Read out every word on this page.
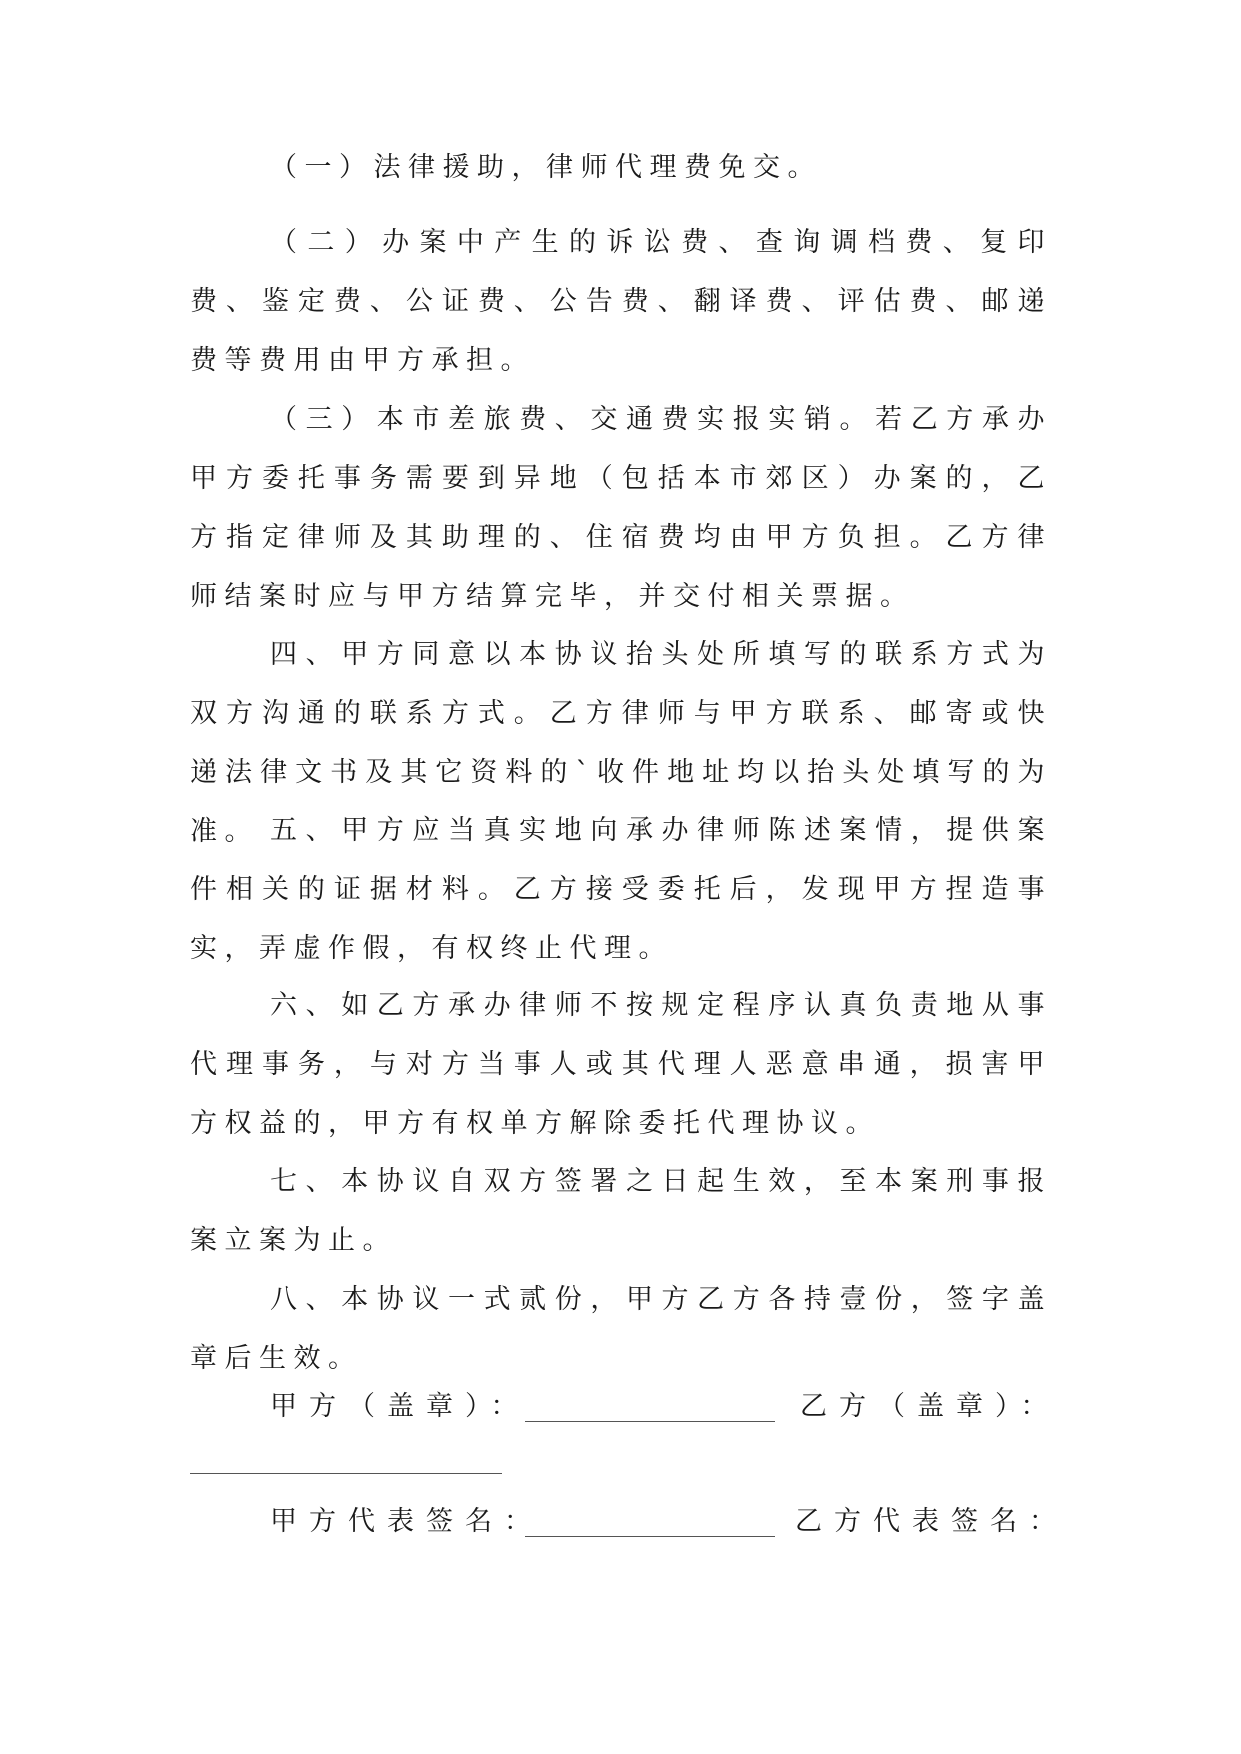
（一）法律援助，律师代理费免交。

（二）办案中产生的诉讼费、查询调档费、复印费、鉴定费、公证费、公告费、翻译费、评估费、邮递费等费用由甲方承担。

（三）本市差旅费、交通费实报实销。若乙方承办甲方委托事务需要到异地（包括本市郊区）办案的，乙方指定律师及其助理的、住宿费均由甲方负担。乙方律师结案时应与甲方结算完毕，并交付相关票据。

四、甲方同意以本协议抬头处所填写的联系方式为双方沟通的联系方式。乙方律师与甲方联系、邮寄或快递法律文书及其它资料的`收件地址均以抬头处填写的为准。 五、甲方应当真实地向承办律师陈述案情，提供案件相关的证据材料。乙方接受委托后，发现甲方捏造事实，弄虚作假，有权终止代理。

六、如乙方承办律师不按规定程序认真负责地从事代理事务，与对方当事人或其代理人恶意串通，损害甲方权益的，甲方有权单方解除委托代理协议。

七、本协议自双方签署之日起生效，至本案刑事报案立案为止。

八、本协议一式贰份，甲方乙方各持壹份，签字盖章后生效。

甲方（盖章）：	乙方（盖章）：
甲方代表签名：	乙方代表签名：
